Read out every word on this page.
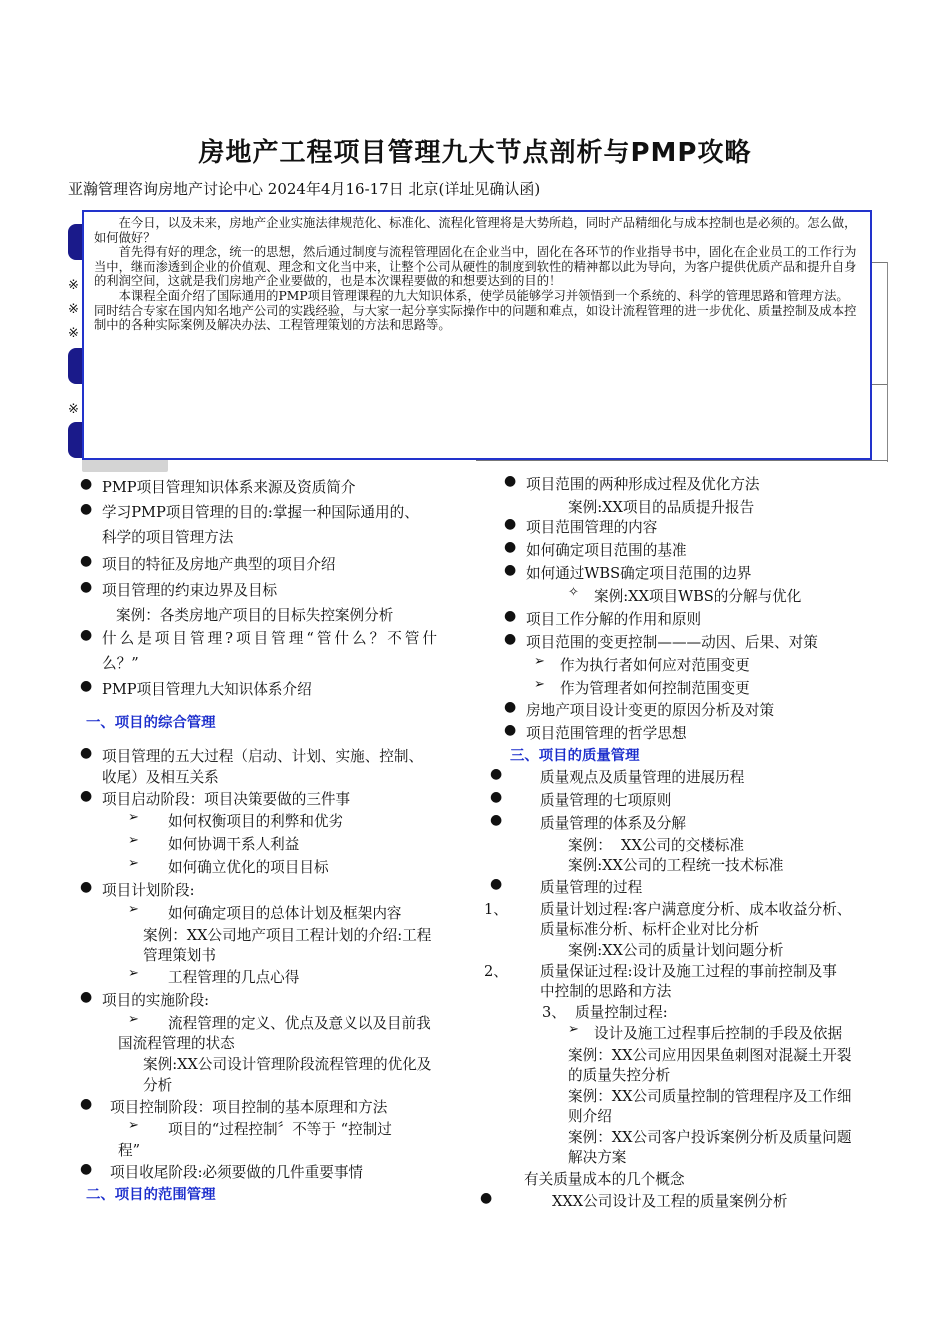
房地产工程项目管理九大节点剖析与PMP攻略
亚瀚管理咨询房地产讨论中心 2024年4月16-17日 北京(详址见确认函)
※
※
※
※

在今日，以及未来，房地产企业实施法律规范化、标准化、流程化管理将是大势所趋，同时产品精细化与成本控制也是必须的。怎么做，如何做好？

首先得有好的理念，统一的思想，然后通过制度与流程管理固化在企业当中，固化在各环节的作业指导书中，固化在企业员工的工作行为当中，继而渗透到企业的价值观、理念和文化当中来，让整个公司从硬性的制度到软性的精神都以此为导向，为客户提供优质产品和提升自身的利润空间，这就是我们房地产企业要做的，也是本次课程要做的和想要达到的目的！

本课程全面介绍了国际通用的PMP项目管理课程的九大知识体系，使学员能够学习并领悟到一个系统的、科学的管理思路和管理方法。同时结合专家在国内知名地产公司的实践经验，与大家一起分享实际操作中的问题和难点，如设计流程管理的进一步优化、质量控制及成本控制中的各种实际案例及解决办法、工程管理策划的方法和思路等。

● PMP项目管理知识体系来源及资质简介
● 学习PMP项目管理的目的:掌握一种国际通用的、
科学的项目管理方法
● 项目的特征及房地产典型的项目介绍
● 项目管理的约束边界及目标
案例：各类房地产项目的目标失控案例分析
● 什么是项目管理?项目管理“管什么？不管什
么？”
● PMP项目管理九大知识体系介绍
一、项目的综合管理
● 项目管理的五大过程（启动、计划、实施、控制、
收尾）及相互关系
● 项目启动阶段：项目决策要做的三件事
➢ 如何权衡项目的利弊和优劣
➢ 如何协调干系人利益
➢ 如何确立优化的项目目标
● 项目计划阶段:
➢ 如何确定项目的总体计划及框架内容
案例：XX公司地产项目工程计划的介绍:工程
管理策划书
➢ 工程管理的几点心得
● 项目的实施阶段:
➢ 流程管理的定义、优点及意义以及目前我
国流程管理的状态
案例:XX公司设计管理阶段流程管理的优化及
分析
● 项目控制阶段：项目控制的基本原理和方法
➢ 项目的“过程控制〞不等于 “控制过
程”
● 项目收尾阶段:必须要做的几件重要事情
二、项目的范围管理
● 项目范围的两种形成过程及优化方法
案例:XX项目的品质提升报告
● 项目范围管理的内容
● 如何确定项目范围的基准
● 如何通过WBS确定项目范围的边界
✧ 案例:XX项目WBS的分解与优化
● 项目工作分解的作用和原则
● 项目范围的变更控制———动因、后果、对策
➢ 作为执行者如何应对范围变更
➢ 作为管理者如何控制范围变更
● 房地产项目设计变更的原因分析及对策
● 项目范围管理的哲学思想
三、项目的质量管理
●	质量观点及质量管理的进展历程
●	质量管理的七项原则
●	质量管理的体系及分解
案例：  XX公司的交楼标准
案例:XX公司的工程统一技术标准
●	质量管理的过程
1、 质量计划过程:客户满意度分析、成本收益分析、
质量标准分析、标杆企业对比分析
案例:XX公司的质量计划问题分析
2、 质量保证过程:设计及施工过程的事前控制及事
中控制的思路和方法
3、  质量控制过程:
➢ 设计及施工过程事后控制的手段及依据
案例：XX公司应用因果鱼刺图对混凝土开裂
的质量失控分析
案例：XX公司质量控制的管理程序及工作细
则介绍
案例：XX公司客户投诉案例分析及质量问题
解决方案
有关质量成本的几个概念
●	XXX公司设计及工程的质量案例分析
